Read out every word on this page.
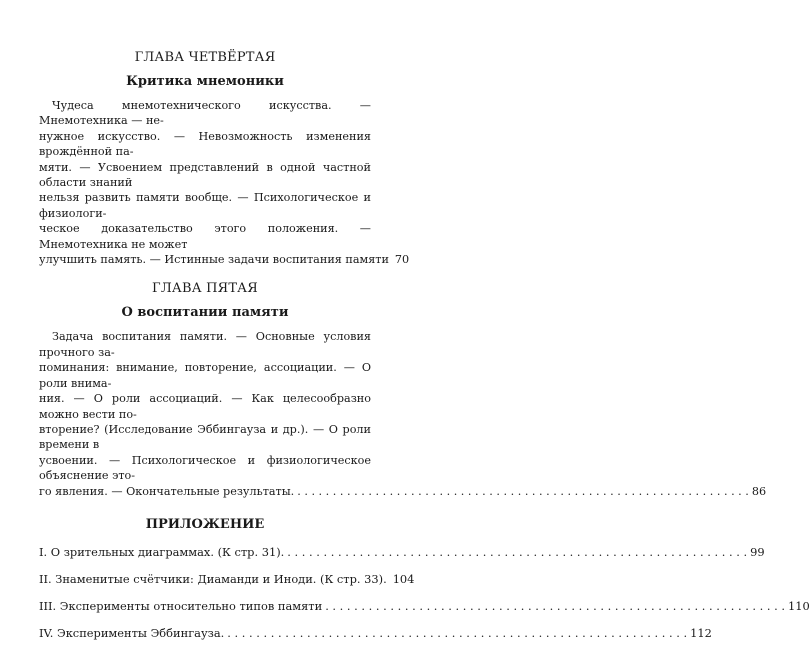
ГЛАВА ЧЕТВЁРТАЯ

Критика мнемоники

Чудеса мнемотехнического искусства. — Мнемотехника — не-
нужное искусство. — Невозможность изменения врождённой па-
мяти. — Усвоением представлений в одной частной области знаний
нельзя развить памяти вообще. — Психологическое и физиологи-
ческое доказательство этого положения. — Мнемотехника не может
улучшить память. — Истинные задачи воспитания памяти 70

ГЛАВА ПЯТАЯ

О воспитании памяти

Задача воспитания памяти. — Основные условия прочного за-
поминания: внимание, повторение, ассоциации. — О роли внима-
ния. — О роли ассоциаций. — Как целесообразно можно вести по-
вторение? (Исследование Эббингауза и др.). — О роли времени в
усвоении. — Психологическое и физиологическое объяснение это-
го явления. — Окончательные результаты. . . .	86

ПРИЛОЖЕНИЕ

I. О зрительных диаграммах. (К стр. 31). . . .	99
II. Знаменитые счётчики: Диаманди и Иноди. (К стр. 33). 104
III. Эксперименты относительно типов памяти . . .	110
IV. Эксперименты Эббингауза. . . .	112
